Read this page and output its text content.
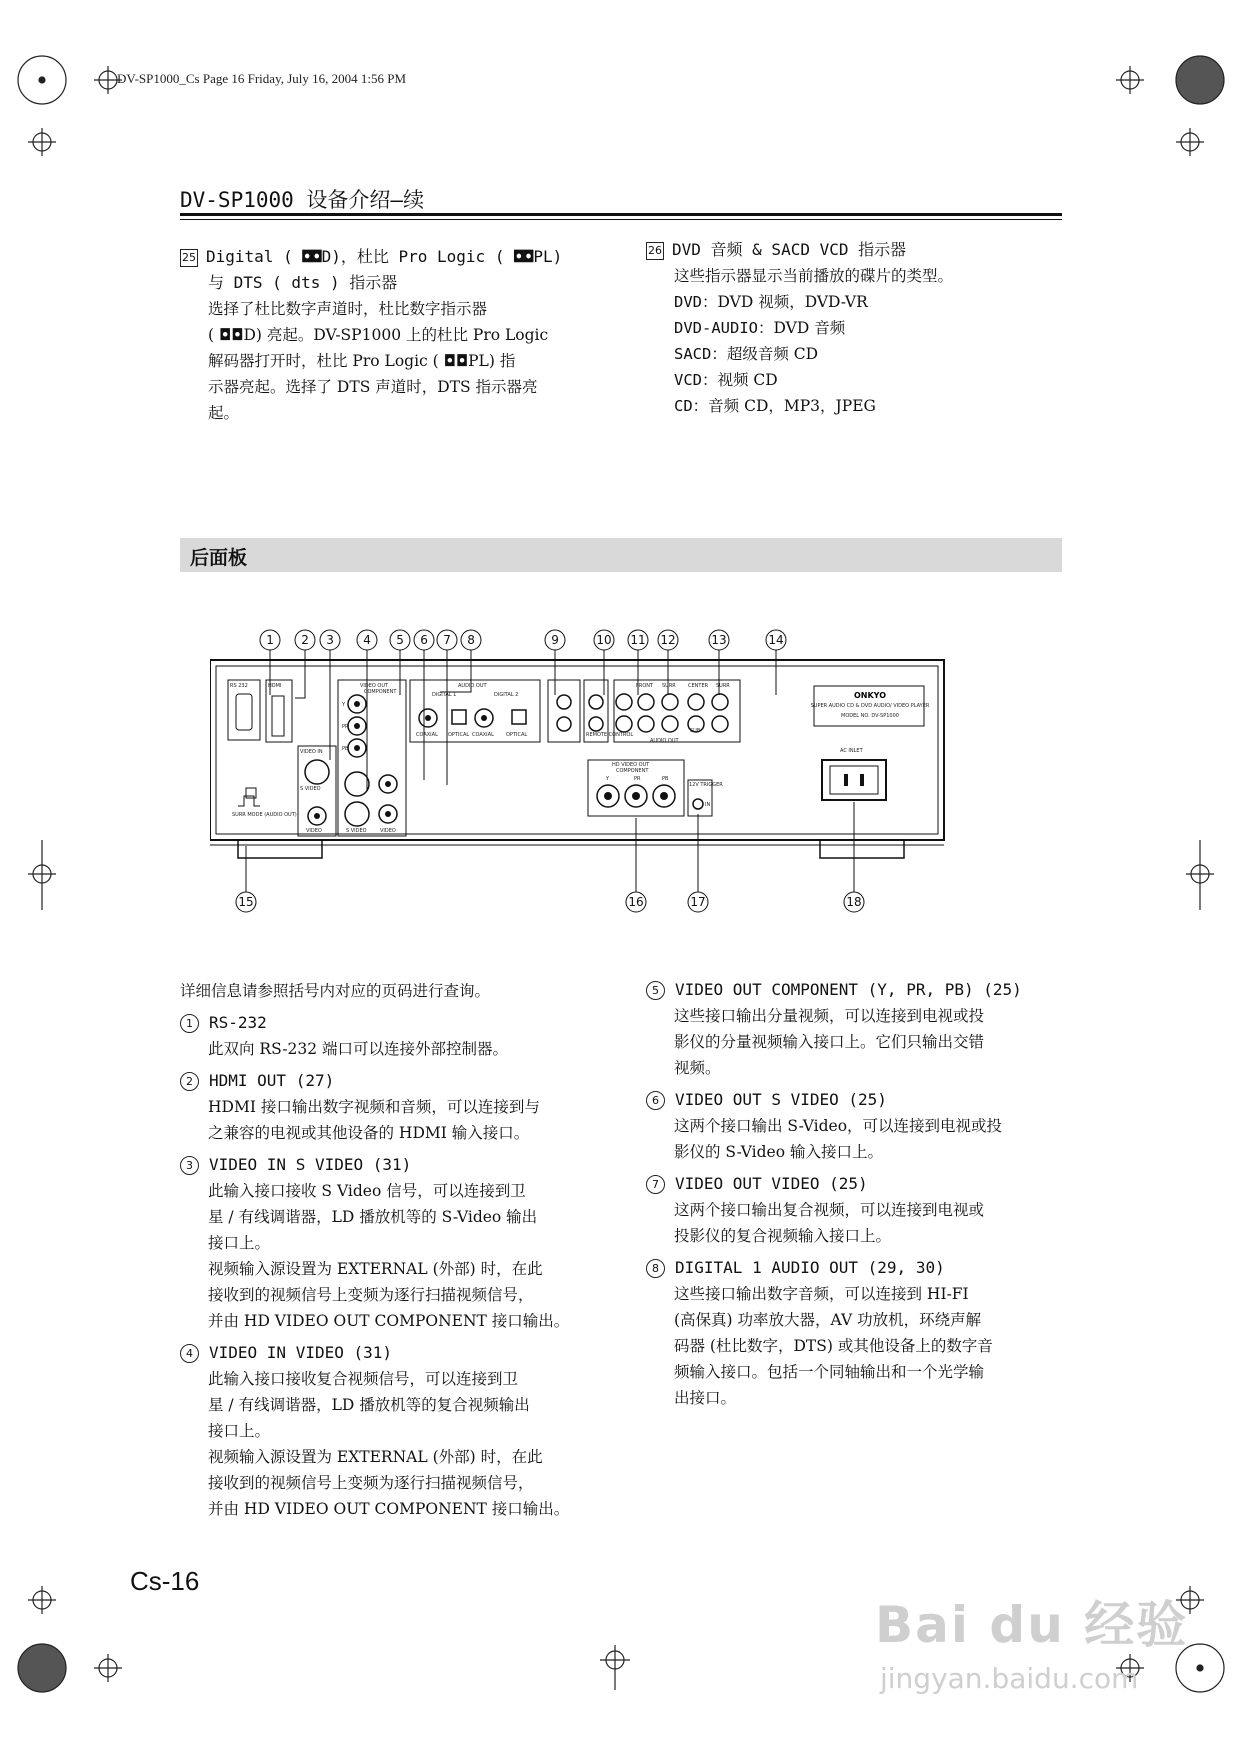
DV-SP1000_Cs Page 16 Friday, July 16, 2004 1:56 PM
DV-SP1000 设备介绍—续
25 Digital ( ◘◘D)，杜比 Pro Logic ( ◘◘PL)
与 DTS ( dts ) 指示器
选择了杜比数字声道时，杜比数字指示器
( ◘◘D) 亮起。DV-SP1000 上的杜比 Pro Logic
解码器打开时，杜比 Pro Logic ( ◘◘PL) 指
示器亮起。选择了 DTS 声道时，DTS 指示器亮
起。
26 DVD 音频 & SACD VCD 指示器
这些指示器显示当前播放的碟片的类型。
DVD：DVD 视频，DVD-VR
DVD-AUDIO：DVD 音频
SACD：超级音频 CD
VCD：视频 CD
CD：音频 CD，MP3，JPEG
后面板
1 2 3 4 5 6 7 8	9	10 11 12	13	14
RS 232	HDMI
VIDEO IN
S VIDEO
VIDEO
VIDEO OUT
COMPONENT
Y
PR
PB
S VIDEO	VIDEO
AUDIO OUT
DIGITAL 1	DIGITAL 2
COAXIAL OPTICAL COAXIAL OPTICAL	REMOTE CONTROL
FRONT SURR CENTER SURR
SUB
AUDIO OUT
ONKYO
SUPER AUDIO CD & DVD AUDIO/ VIDEO PLAYER
MODEL NO. DV-SP1000
HD VIDEO OUT
COMPONENT
Y	PR	PB
12V TRIGGER
IN
AC INLET
SURR MODE (AUDIO OUT)
15	16	17	18
详细信息请参照括号内对应的页码进行查询。
1 RS-232
此双向 RS-232 端口可以连接外部控制器。
2 HDMI OUT (27)
HDMI 接口输出数字视频和音频，可以连接到与
之兼容的电视或其他设备的 HDMI 输入接口。
3 VIDEO IN S VIDEO (31)
此输入接口接收 S Video 信号，可以连接到卫
星 / 有线调谐器，LD 播放机等的 S-Video 输出
接口上。
视频输入源设置为 EXTERNAL (外部) 时，在此
接收到的视频信号上变频为逐行扫描视频信号，
并由 HD VIDEO OUT COMPONENT 接口输出。
4 VIDEO IN VIDEO (31)
此输入接口接收复合视频信号，可以连接到卫
星 / 有线调谐器，LD 播放机等的复合视频输出
接口上。
视频输入源设置为 EXTERNAL (外部) 时，在此
接收到的视频信号上变频为逐行扫描视频信号，
并由 HD VIDEO OUT COMPONENT 接口输出。
5 VIDEO OUT COMPONENT (Y, PR, PB) (25)
这些接口输出分量视频，可以连接到电视或投
影仪的分量视频输入接口上。它们只输出交错
视频。
6 VIDEO OUT S VIDEO (25)
这两个接口输出 S-Video，可以连接到电视或投
影仪的 S-Video 输入接口上。
7 VIDEO OUT VIDEO (25)
这两个接口输出复合视频，可以连接到电视或
投影仪的复合视频输入接口上。
8 DIGITAL 1 AUDIO OUT (29, 30)
这些接口输出数字音频，可以连接到 HI-FI
(高保真) 功率放大器，AV 功放机，环绕声解
码器 (杜比数字，DTS) 或其他设备上的数字音
频输入接口。包括一个同轴输出和一个光学输
出接口。
Cs-16
Bai du 经验
jingyan.baidu.com
